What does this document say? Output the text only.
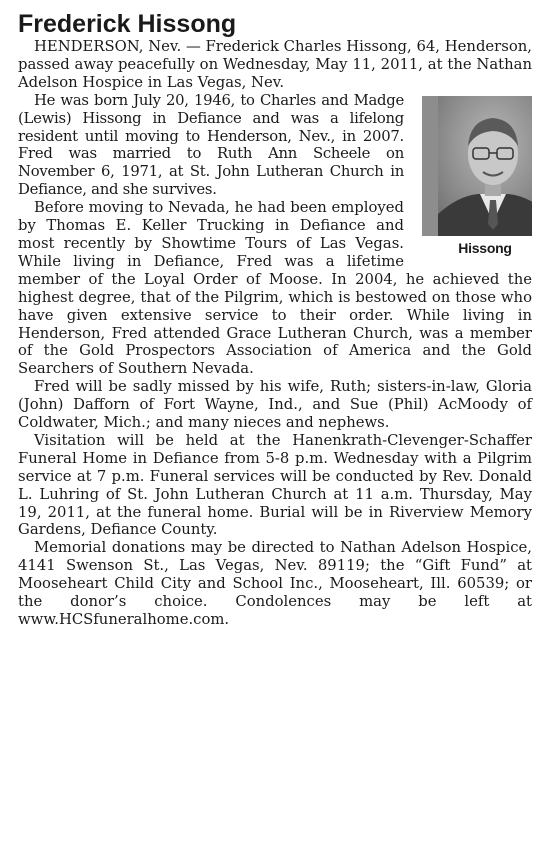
Frederick Hissong

HENDERSON, Nev. — Frederick Charles Hissong, 64, Henderson, passed away peacefully on Wednesday, May 11, 2011, at the Nathan Adelson Hospice in Las Vegas, Nev.

Hissong
He was born July 20, 1946, to Charles and Madge (Lewis) Hissong in Defiance and was a lifelong resident until moving to Henderson, Nev., in 2007. Fred was married to Ruth Ann Scheele on November 6, 1971, at St. John Lutheran Church in Defiance, and she survives.

Before moving to Nevada, he had been employed by Thomas E. Keller Trucking in Defiance and most recently by Showtime Tours of Las Vegas. While living in Defiance, Fred was a lifetime member of the Loyal Order of Moose. In 2004, he achieved the highest degree, that of the Pilgrim, which is bestowed on those who have given extensive service to their order. While living in Henderson, Fred attended Grace Lutheran Church, was a member of the Gold Prospectors Association of America and the Gold Searchers of Southern Nevada.

Fred will be sadly missed by his wife, Ruth; sisters-in-law, Gloria (John) Dafforn of Fort Wayne, Ind., and Sue (Phil) AcMoody of Coldwater, Mich.; and many nieces and nephews.

Visitation will be held at the Hanenkrath-Clevenger-Schaffer Funeral Home in Defiance from 5-8 p.m. Wednesday with a Pilgrim service at 7 p.m. Funeral services will be conducted by Rev. Donald L. Luhring of St. John Lutheran Church at 11 a.m. Thursday, May 19, 2011, at the funeral home. Burial will be in Riverview Memory Gardens, Defiance County.

Memorial donations may be directed to Nathan Adelson Hospice, 4141 Swenson St., Las Vegas, Nev. 89119; the “Gift Fund” at Mooseheart Child City and School Inc., Mooseheart, Ill. 60539; or the donor’s choice. Condolences may be left at www.HCSfuneralhome.com.
